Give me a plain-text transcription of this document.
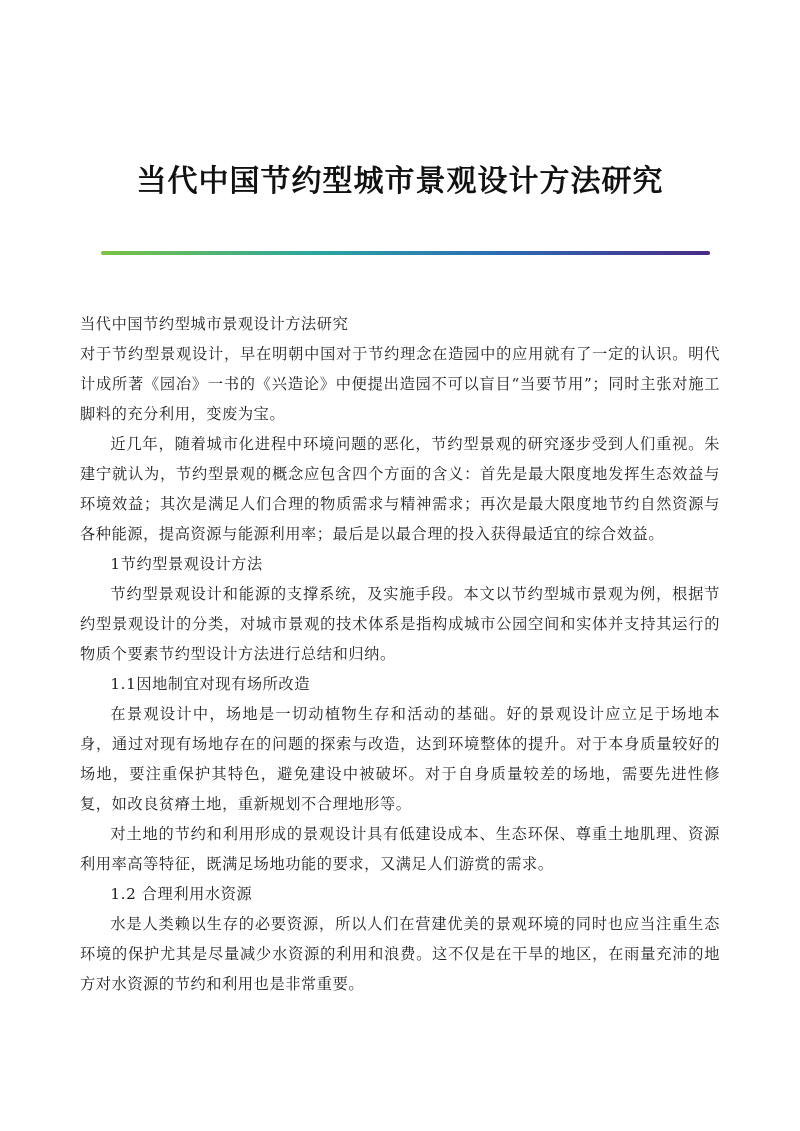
当代中国节约型城市景观设计方法研究

当代中国节约型城市景观设计方法研究

对于节约型景观设计，早在明朝中国对于节约理念在造园中的应用就有了一定的认识。明代计成所著《园冶》一书的《兴造论》中便提出造园不可以盲目“当要节用”；同时主张对施工脚料的充分利用，变废为宝。

近几年，随着城市化进程中环境问题的恶化，节约型景观的研究逐步受到人们重视。朱建宁就认为，节约型景观的概念应包含四个方面的含义：首先是最大限度地发挥生态效益与环境效益；其次是满足人们合理的物质需求与精神需求；再次是最大限度地节约自然资源与各种能源，提高资源与能源利用率；最后是以最合理的投入获得最适宜的综合效益。

1节约型景观设计方法

节约型景观设计和能源的支撑系统，及实施手段。本文以节约型城市景观为例，根据节约型景观设计的分类，对城市景观的技术体系是指构成城市公园空间和实体并支持其运行的物质个要素节约型设计方法进行总结和归纳。

1.1因地制宜对现有场所改造

在景观设计中，场地是一切动植物生存和活动的基础。好的景观设计应立足于场地本身，通过对现有场地存在的问题的探索与改造，达到环境整体的提升。对于本身质量较好的场地，要注重保护其特色，避免建设中被破坏。对于自身质量较差的场地，需要先进性修复，如改良贫瘠土地，重新规划不合理地形等。

对土地的节约和利用形成的景观设计具有低建设成本、生态环保、尊重土地肌理、资源利用率高等特征，既满足场地功能的要求，又满足人们游赏的需求。

1.2 合理利用水资源

水是人类赖以生存的必要资源，所以人们在营建优美的景观环境的同时也应当注重生态环境的保护尤其是尽量减少水资源的利用和浪费。这不仅是在干旱的地区，在雨量充沛的地方对水资源的节约和利用也是非常重要。
